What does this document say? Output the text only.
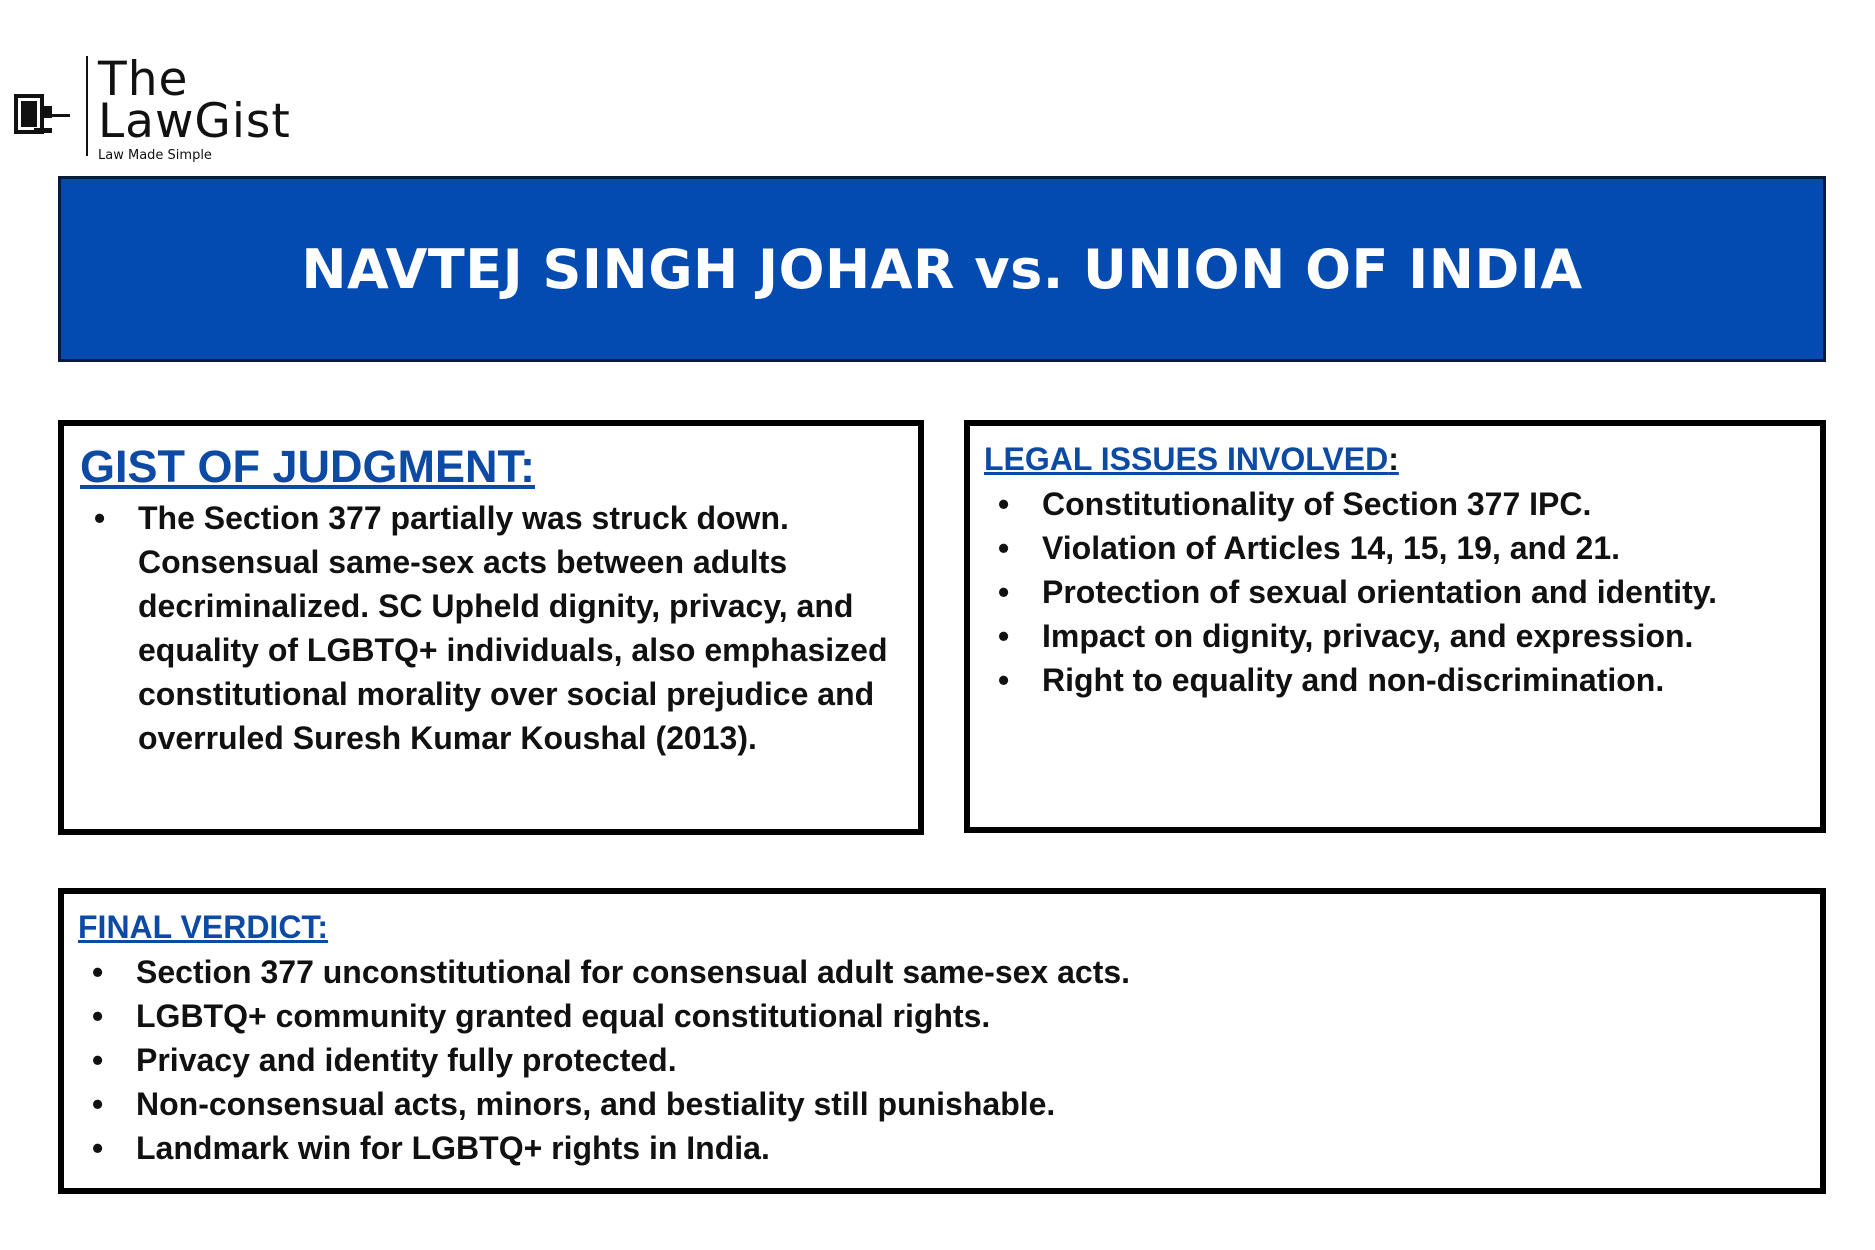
The
LawGist
Law Made Simple
NAVTEJ SINGH JOHAR vs. UNION OF INDIA
GIST OF JUDGMENT:
• The Section 377 partially was struck down. Consensual same-sex acts between adults decriminalized. SC Upheld dignity, privacy, and equality of LGBTQ+ individuals, also emphasized constitutional morality over social prejudice and overruled Suresh Kumar Koushal (2013).
LEGAL ISSUES INVOLVED:
• Constitutionality of Section 377 IPC.
• Violation of Articles 14, 15, 19, and 21.
• Protection of sexual orientation and identity.
• Impact on dignity, privacy, and expression.
• Right to equality and non-discrimination.
FINAL VERDICT:
• Section 377 unconstitutional for consensual adult same-sex acts.
• LGBTQ+ community granted equal constitutional rights.
• Privacy and identity fully protected.
• Non-consensual acts, minors, and bestiality still punishable.
• Landmark win for LGBTQ+ rights in India.
